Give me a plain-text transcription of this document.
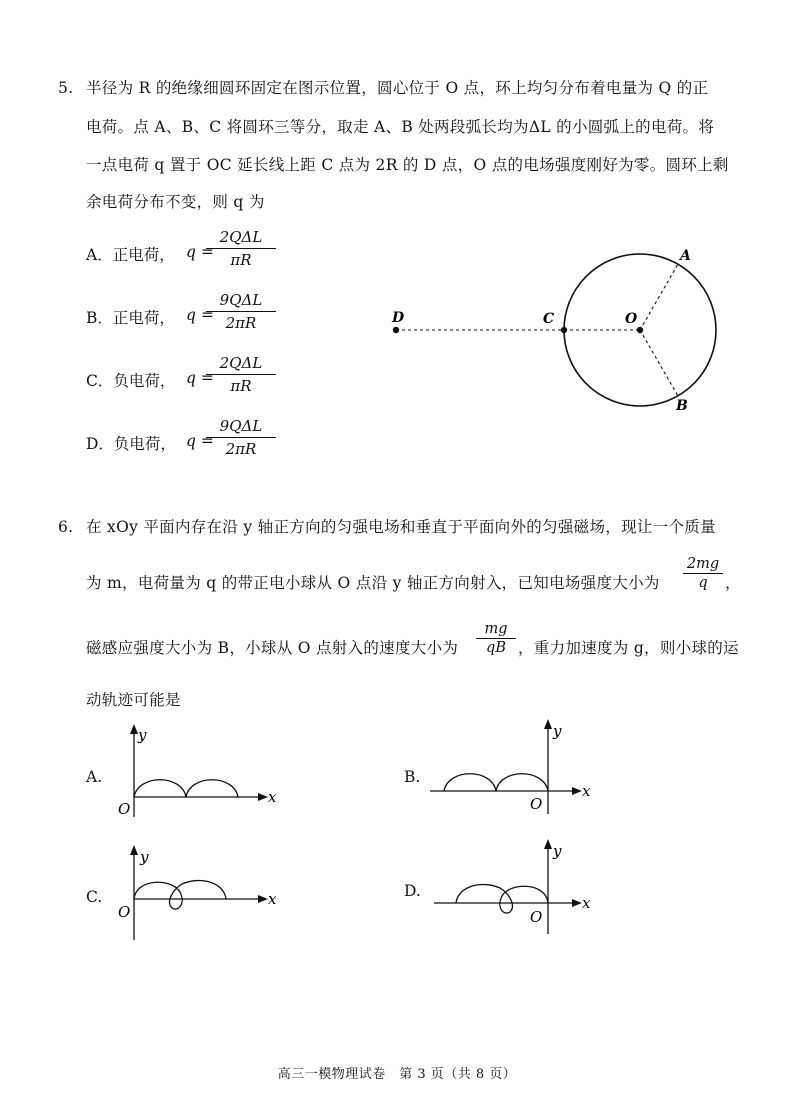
5. 半径为 R 的绝缘细圆环固定在图示位置，圆心位于 O 点，环上均匀分布着电量为 Q 的正
电荷。点 A、B、C 将圆环三等分，取走 A、B 处两段弧长均为ΔL 的小圆弧上的电荷。将
一点电荷 q 置于 OC 延长线上距 C 点为 2R 的 D 点，O 点的电场强度刚好为零。圆环上剩
余电荷分布不变，则 q 为
A．正电荷， q =
2QΔL
πR
B．正电荷， q =
9QΔL
2πR
C．负电荷， q =
2QΔL
πR
D．负电荷， q =
9QΔL
2πR
D	C	O
A
B
6. 在 xOy 平面内存在沿 y 轴正方向的匀强电场和垂直于平面向外的匀强磁场，现让一个质量
为 m，电荷量为 q 的带正电小球从 O 点沿 y 轴正方向射入，已知电场强度大小为 $\frac{2mg}{q}$ ，
磁感应强度大小为 B，小球从 O 点射入的速度大小为 $\frac{mg}{qB}$ ，重力加速度为 g，则小球的运
动轨迹可能是
A.
y
x
O
B.
y
x
O
C.
y
x
O
D.
y
x
O
高三一模物理试卷　第 3 页（共 8 页）
